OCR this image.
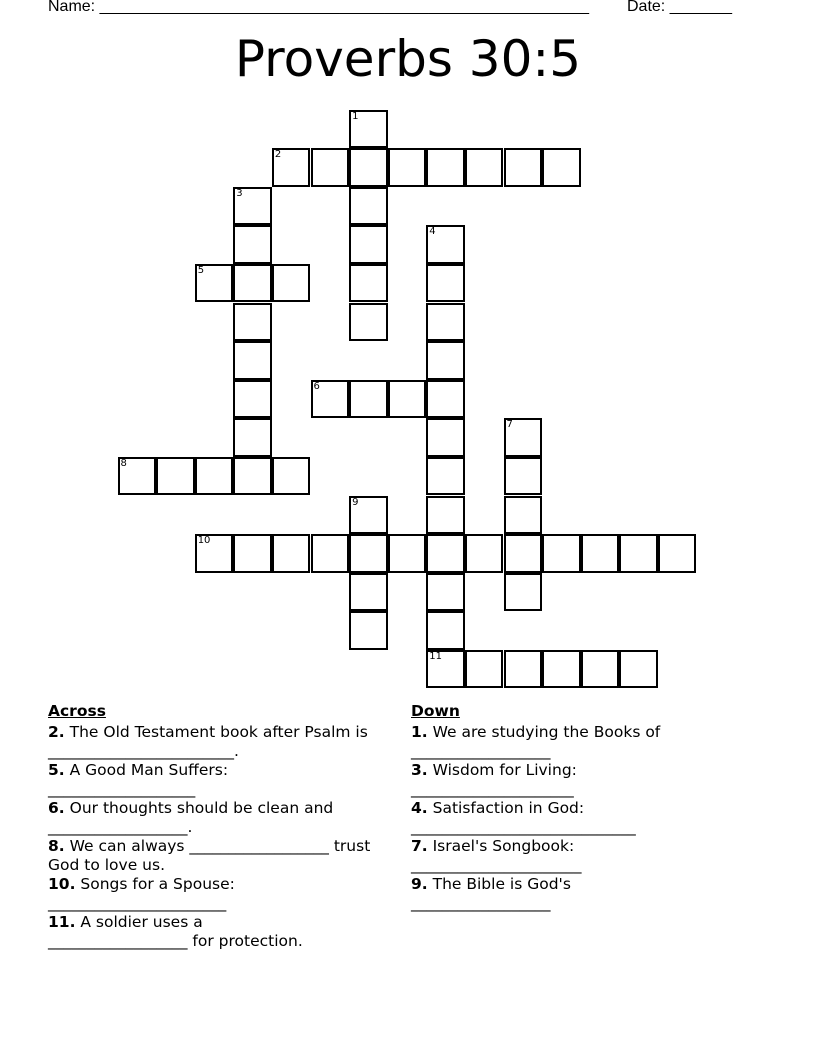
Name: _______________________________________________________ Date: _______
Proverbs 30:5
1
2
3
4
11
5
6
7
8
9
10
Across
2. The Old Testament book after Psalm is ________________________.
5. A Good Man Suffers:
___________________
6. Our thoughts should be clean and __________________.
8. We can always __________________ trust God to love us.
10. Songs for a Spouse:
_______________________
11. A soldier uses a
__________________ for protection.
Down
1. We are studying the Books of
__________________
3. Wisdom for Living:
_____________________
4. Satisfaction in God:
_____________________________
7. Israel's Songbook:
______________________
9. The Bible is God's
__________________
